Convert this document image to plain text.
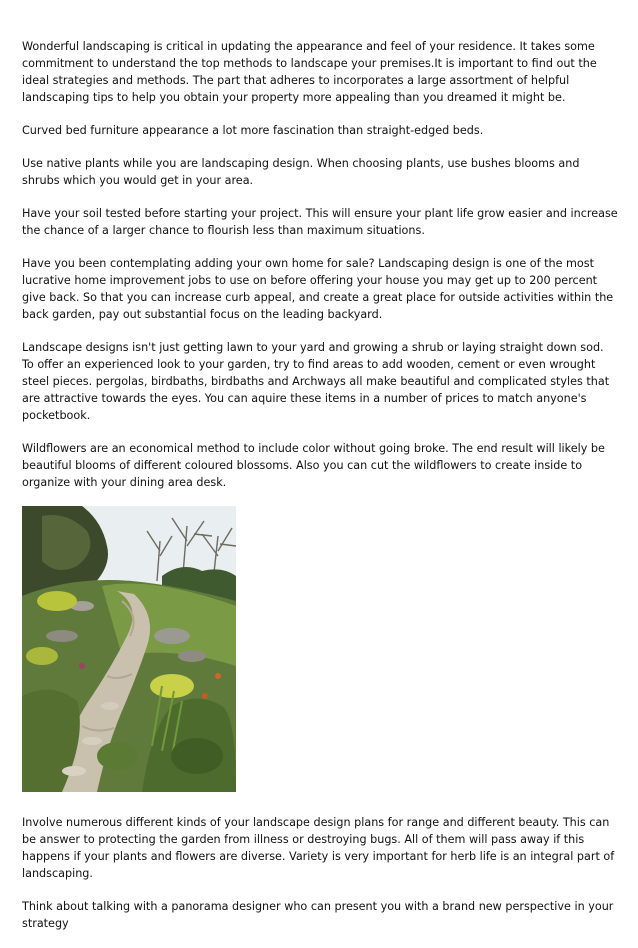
Wonderful landscaping is critical in updating the appearance and feel of your residence. It takes some commitment to understand the top methods to landscape your premises.It is important to find out the ideal strategies and methods. The part that adheres to incorporates a large assortment of helpful landscaping tips to help you obtain your property more appealing than you dreamed it might be.

Curved bed furniture appearance a lot more fascination than straight-edged beds.

Use native plants while you are landscaping design. When choosing plants, use bushes blooms and shrubs which you would get in your area.

Have your soil tested before starting your project. This will ensure your plant life grow easier and increase the chance of a larger chance to flourish less than maximum situations.

Have you been contemplating adding your own home for sale? Landscaping design is one of the most lucrative home improvement jobs to use on before offering your house you may get up to 200 percent give back. So that you can increase curb appeal, and create a great place for outside activities within the back garden, pay out substantial focus on the leading backyard.

Landscape designs isn't just getting lawn to your yard and growing a shrub or laying straight down sod. To offer an experienced look to your garden, try to find areas to add wooden, cement or even wrought steel pieces. pergolas, birdbaths, birdbaths and Archways all make beautiful and complicated styles that are attractive towards the eyes. You can aquire these items in a number of prices to match anyone's pocketbook.

Wildflowers are an economical method to include color without going broke. The end result will likely be beautiful blooms of different coloured blossoms. Also you can cut the wildflowers to create inside to organize with your dining area desk.

Involve numerous different kinds of your landscape design plans for range and different beauty. This can be answer to protecting the garden from illness or destroying bugs. All of them will pass away if this happens if your plants and flowers are diverse. Variety is very important for herb life is an integral part of landscaping.

Think about talking with a panorama designer who can present you with a brand new perspective in your strategy
